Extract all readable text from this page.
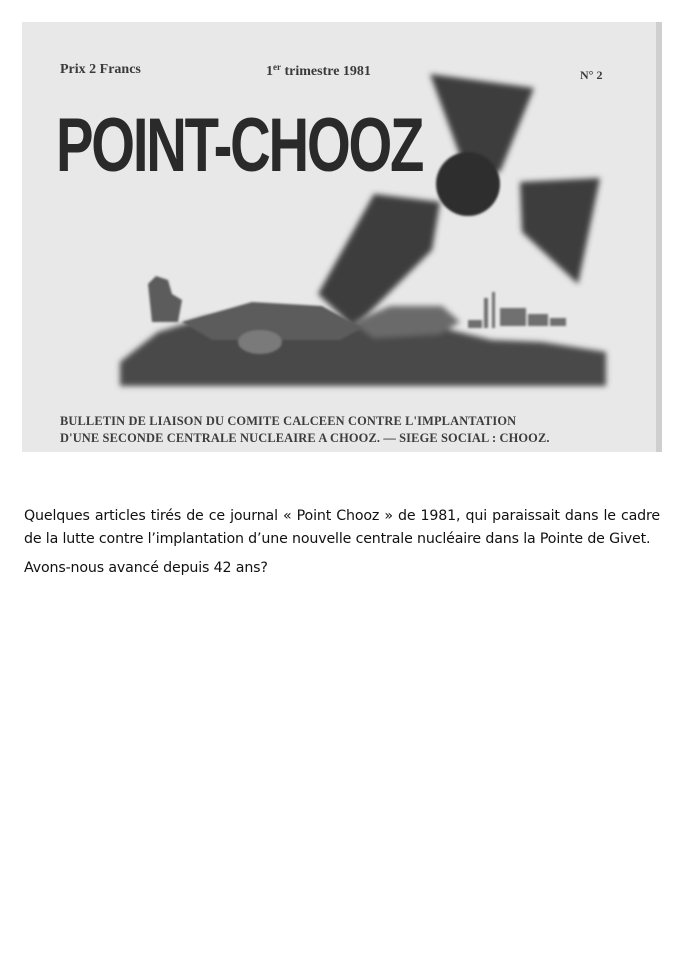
Prix 2 Francs	1er trimestre 1981	N° 2
POINT-CHOOZ
BULLETIN DE LIAISON DU COMITE CALCEEN CONTRE L'IMPLANTATION
D'UNE SECONDE CENTRALE NUCLEAIRE A CHOOZ. — SIEGE SOCIAL : CHOOZ.

Quelques articles tirés de ce journal « Point Chooz » de 1981, qui paraissait dans le cadre de la lutte contre l’implantation d’une nouvelle centrale nucléaire dans la Pointe de Givet.

Avons-nous avancé depuis 42 ans?
